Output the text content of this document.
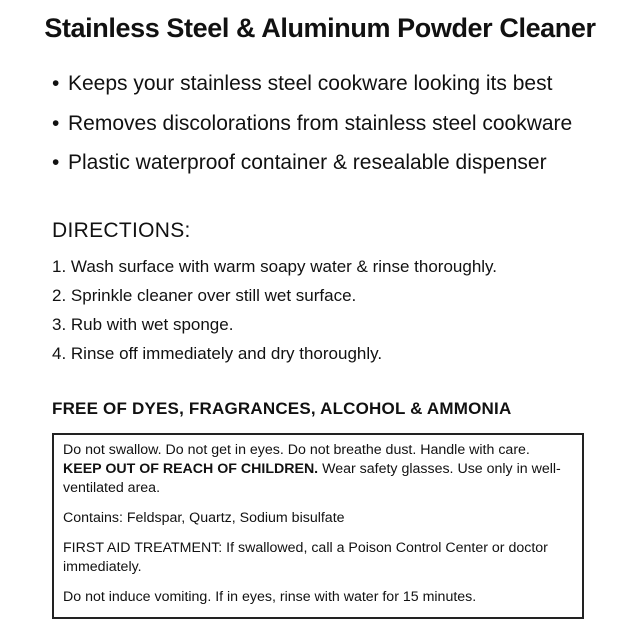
Stainless Steel & Aluminum Powder Cleaner
• Keeps your stainless steel cookware looking its best
• Removes discolorations from stainless steel cookware
• Plastic waterproof container & resealable dispenser
DIRECTIONS:
1. Wash surface with warm soapy water & rinse thoroughly.
2. Sprinkle cleaner over still wet surface.
3. Rub with wet sponge.
4. Rinse off immediately and dry thoroughly.
FREE OF DYES, FRAGRANCES, ALCOHOL & AMMONIA

Do not swallow. Do not get in eyes. Do not breathe dust. Handle with care. KEEP OUT OF REACH OF CHILDREN. Wear safety glasses. Use only in well-ventilated area.

Contains: Feldspar, Quartz, Sodium bisulfate

FIRST AID TREATMENT: If swallowed, call a Poison Control Center or doctor immediately.

Do not induce vomiting. If in eyes, rinse with water for 15 minutes.
